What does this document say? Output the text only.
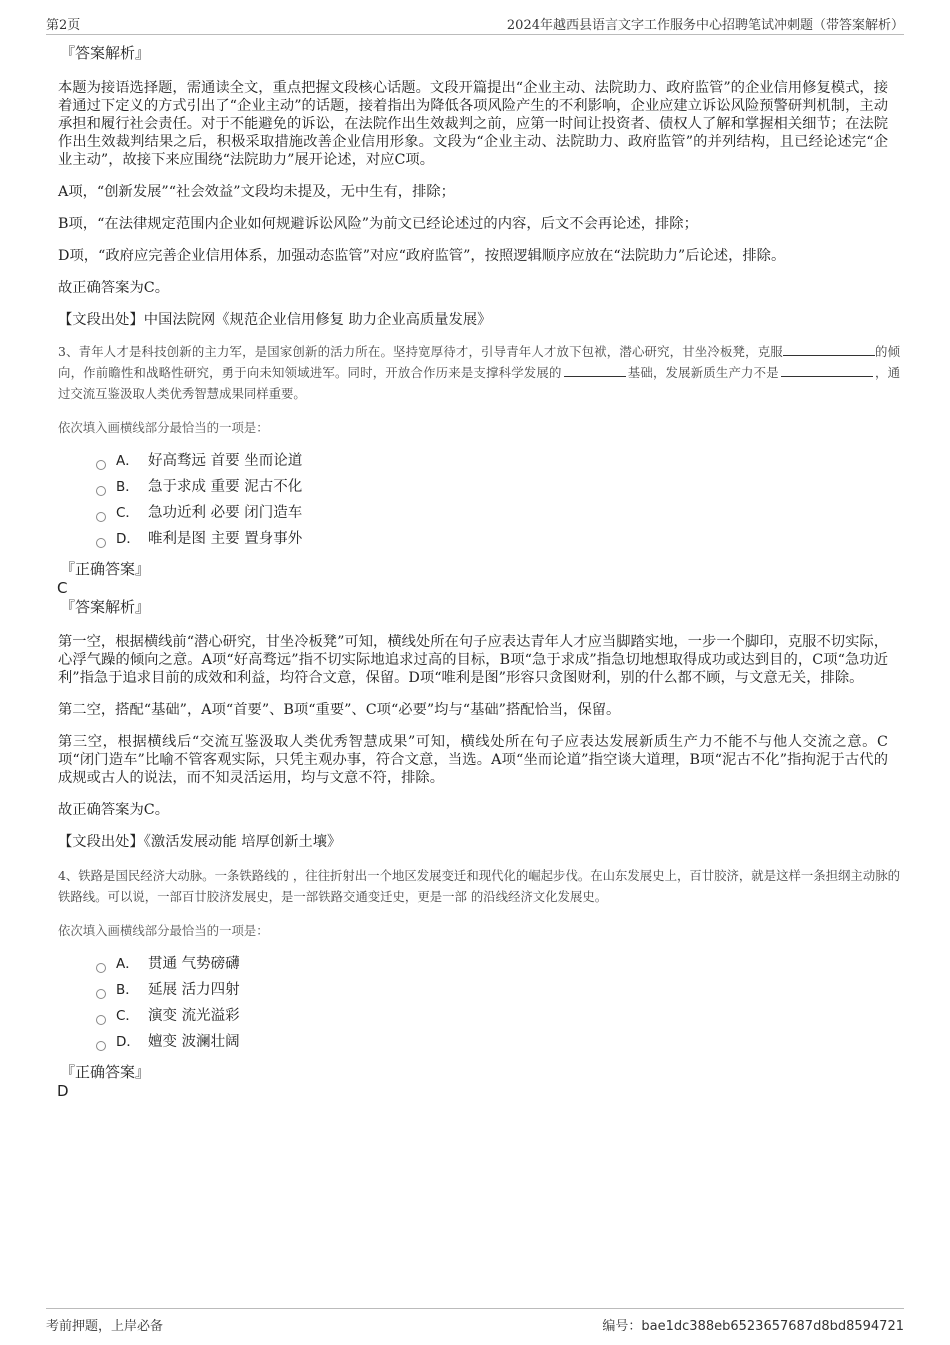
第2页	2024年越西县语言文字工作服务中心招聘笔试冲刺题（带答案解析）
『答案解析』
本题为接语选择题，需通读全文，重点把握文段核心话题。文段开篇提出“企业主动、法院助力、政府监管”的企业信用修复模式，接着通过下定义的方式引出了“企业主动”的话题，接着指出为降低各项风险产生的不利影响，企业应建立诉讼风险预警研判机制，主动承担和履行社会责任。对于不能避免的诉讼，在法院作出生效裁判之前，应第一时间让投资者、债权人了解和掌握相关细节；在法院作出生效裁判结果之后，积极采取措施改善企业信用形象。文段为“企业主动、法院助力、政府监管”的并列结构，且已经论述完“企业主动”，故接下来应围绕“法院助力”展开论述，对应C项。
A项，“创新发展”“社会效益”文段均未提及，无中生有，排除；
B项，“在法律规定范围内企业如何规避诉讼风险”为前文已经论述过的内容，后文不会再论述，排除；
D项，“政府应完善企业信用体系，加强动态监管”对应“政府监管”，按照逻辑顺序应放在“法院助力”后论述，排除。
故正确答案为C。
【文段出处】中国法院网《规范企业信用修复 助力企业高质量发展》
3、青年人才是科技创新的主力军，是国家创新的活力所在。坚持宽厚待才，引导青年人才放下包袱，潜心研究，甘坐冷板凳，克服	的倾向，作前瞻性和战略性研究，勇于向未知领域进军。同时，开放合作历来是支撑科学发展的	基础，发展新质生产力不是	，通过交流互鉴汲取人类优秀智慧成果同样重要。
依次填入画横线部分最恰当的一项是：
A． 好高骛远 首要 坐而论道
B． 急于求成 重要 泥古不化
C． 急功近利 必要 闭门造车
D． 唯利是图 主要 置身事外
『正确答案』
C
『答案解析』
第一空，根据横线前“潜心研究，甘坐冷板凳”可知，横线处所在句子应表达青年人才应当脚踏实地，一步一个脚印，克服不切实际，心浮气躁的倾向之意。A项“好高骛远”指不切实际地追求过高的目标，B项“急于求成”指急切地想取得成功或达到目的，C项“急功近利”指急于追求目前的成效和利益，均符合文意，保留。D项“唯利是图”形容只贪图财利，别的什么都不顾，与文意无关，排除。
第二空，搭配“基础”，A项“首要”、B项“重要”、C项“必要”均与“基础”搭配恰当，保留。
第三空，根据横线后“交流互鉴汲取人类优秀智慧成果”可知，横线处所在句子应表达发展新质生产力不能不与他人交流之意。C项“闭门造车”比喻不管客观实际，只凭主观办事，符合文意，当选。A项“坐而论道”指空谈大道理，B项“泥古不化”指拘泥于古代的成规或古人的说法，而不知灵活运用，均与文意不符，排除。
故正确答案为C。
【文段出处】《激活发展动能 培厚创新土壤》
4、铁路是国民经济大动脉。一条铁路线的 ，往往折射出一个地区发展变迁和现代化的崛起步伐。在山东发展史上，百廿胶济，就是这样一条担纲主动脉的铁路线。可以说，一部百廿胶济发展史，是一部铁路交通变迁史，更是一部 的沿线经济文化发展史。
依次填入画横线部分最恰当的一项是：
A． 贯通 气势磅礴
B． 延展 活力四射
C． 演变 流光溢彩
D． 嬗变 波澜壮阔
『正确答案』
D
考前押题，上岸必备	编号：bae1dc388eb6523657687d8bd8594721
